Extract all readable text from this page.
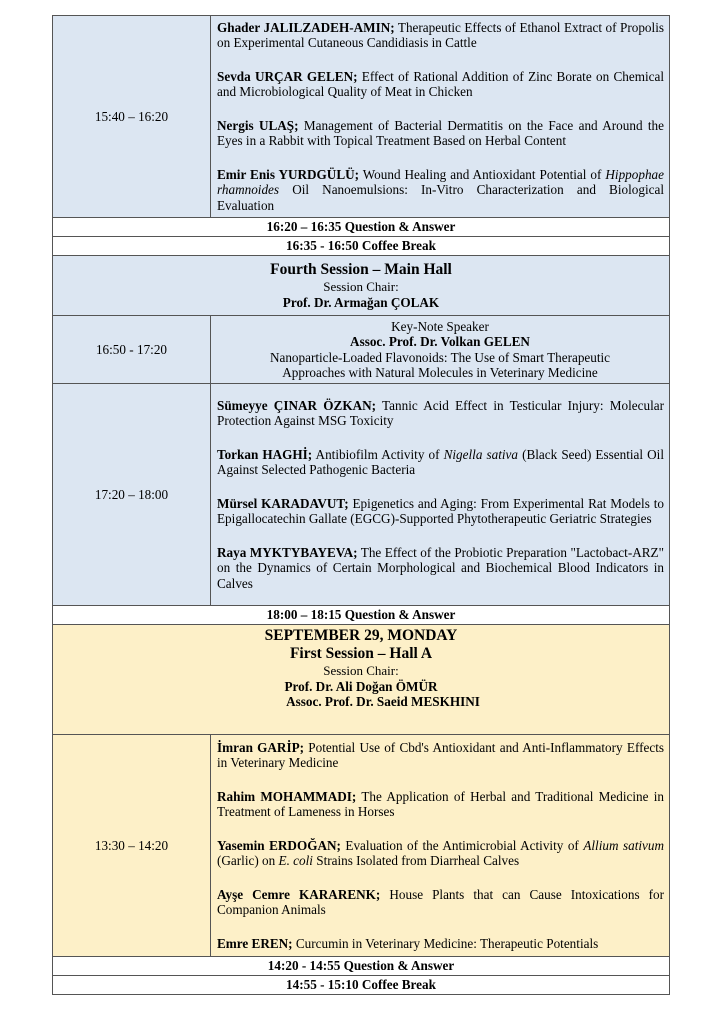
15:40 – 16:20	Ghader JALILZADEH-AMIN; Therapeutic Effects of Ethanol Extract of Propolis on Experimental Cutaneous Candidiasis in Cattle
Sevda URÇAR GELEN; Effect of Rational Addition of Zinc Borate on Chemical and Microbiological Quality of Meat in Chicken
Nergis ULAŞ; Management of Bacterial Dermatitis on the Face and Around the Eyes in a Rabbit with Topical Treatment Based on Herbal Content
Emir Enis YURDGÜLÜ; Wound Healing and Antioxidant Potential of Hippophae rhamnoides Oil Nanoemulsions: In-Vitro Characterization and Biological Evaluation

16:20 – 16:35 Question & Answer	
16:35 - 16:50 Coffee Break	

Fourth Session – Main Hall
Session Chair:
Prof. Dr. Armağan ÇOLAK	

16:50 - 17:20	Key-Note Speaker
Assoc. Prof. Dr. Volkan GELEN
Nanoparticle-Loaded Flavonoids: The Use of Smart Therapeutic
Approaches with Natural Molecules in Veterinary Medicine

17:20 – 18:00	Sümeyye ÇINAR ÖZKAN; Tannic Acid Effect in Testicular Injury: Molecular Protection Against MSG Toxicity
Torkan HAGHİ; Antibiofilm Activity of Nigella sativa (Black Seed) Essential Oil Against Selected Pathogenic Bacteria
Mürsel KARADAVUT; Epigenetics and Aging: From Experimental Rat Models to Epigallocatechin Gallate (EGCG)-Supported Phytotherapeutic Geriatric Strategies
Raya MYKTYBAYEVA; The Effect of the Probiotic Preparation "Lactobact-ARZ" on the Dynamics of Certain Morphological and Biochemical Blood Indicators in Calves

18:00 – 18:15 Question & Answer	

SEPTEMBER 29, MONDAY
First Session – Hall A
Session Chair:
Prof. Dr. Ali Doğan ÖMÜR
Assoc. Prof. Dr. Saeid MESKHINI	

13:30 – 14:20	İmran GARİP; Potential Use of Cbd's Antioxidant and Anti-Inflammatory Effects in Veterinary Medicine
Rahim MOHAMMADI; The Application of Herbal and Traditional Medicine in Treatment of Lameness in Horses
Yasemin ERDOĞAN; Evaluation of the Antimicrobial Activity of Allium sativum (Garlic) on E. coli Strains Isolated from Diarrheal Calves
Ayşe Cemre KARARENK; House Plants that can Cause Intoxications for Companion Animals
Emre EREN; Curcumin in Veterinary Medicine: Therapeutic Potentials

14:20 - 14:55 Question & Answer	
14:55 - 15:10 Coffee Break	
